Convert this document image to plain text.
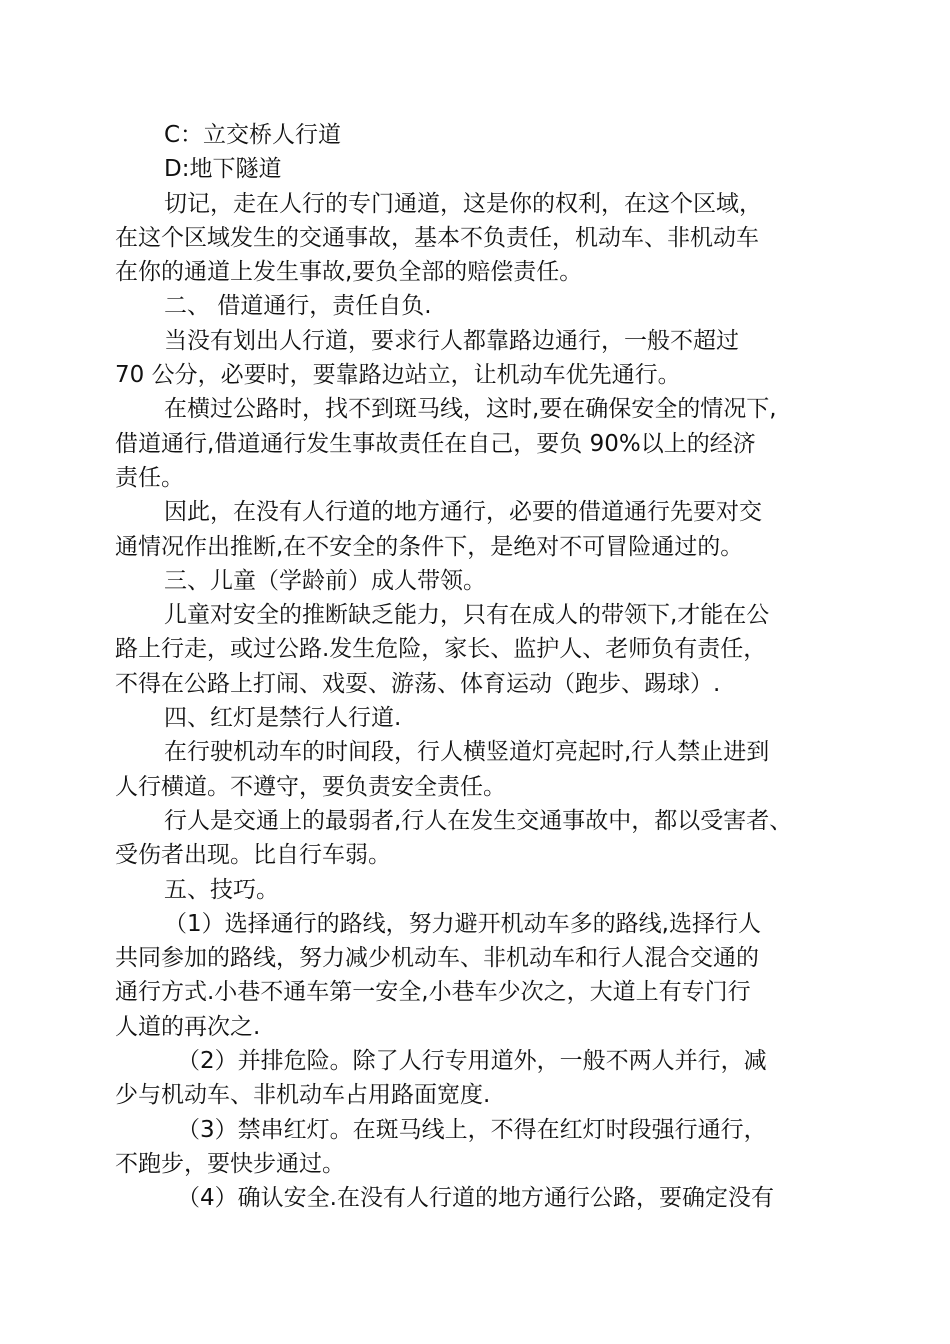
C：立交桥人行道
D:地下隧道
切记，走在人行的专门通道，这是你的权利，在这个区域，
在这个区域发生的交通事故，基本不负责任，机动车、非机动车
在你的通道上发生事故,要负全部的赔偿责任。
二、 借道通行，责任自负.
当没有划出人行道，要求行人都靠路边通行，一般不超过
70 公分，必要时，要靠路边站立，让机动车优先通行。
在横过公路时，找不到斑马线，这时,要在确保安全的情况下,
借道通行,借道通行发生事故责任在自己，要负 90%以上的经济
责任。
因此，在没有人行道的地方通行，必要的借道通行先要对交
通情况作出推断,在不安全的条件下，是绝对不可冒险通过的。
三、儿童（学龄前）成人带领。
儿童对安全的推断缺乏能力，只有在成人的带领下,才能在公
路上行走，或过公路.发生危险，家长、监护人、老师负有责任，
不得在公路上打闹、戏耍、游荡、体育运动（跑步、踢球）.
四、红灯是禁行人行道.
在行驶机动车的时间段，行人横竖道灯亮起时,行人禁止进到
人行横道。不遵守，要负责安全责任。
行人是交通上的最弱者,行人在发生交通事故中，都以受害者、
受伤者出现。比自行车弱。
五、技巧。
（1）选择通行的路线，努力避开机动车多的路线,选择行人
共同参加的路线，努力减少机动车、非机动车和行人混合交通的
通行方式.小巷不通车第一安全,小巷车少次之，大道上有专门行
人道的再次之.
（2）并排危险。除了人行专用道外，一般不两人并行，减
少与机动车、非机动车占用路面宽度.
（3）禁串红灯。在斑马线上，不得在红灯时段强行通行，
不跑步，要快步通过。
（4）确认安全.在没有人行道的地方通行公路，要确定没有
